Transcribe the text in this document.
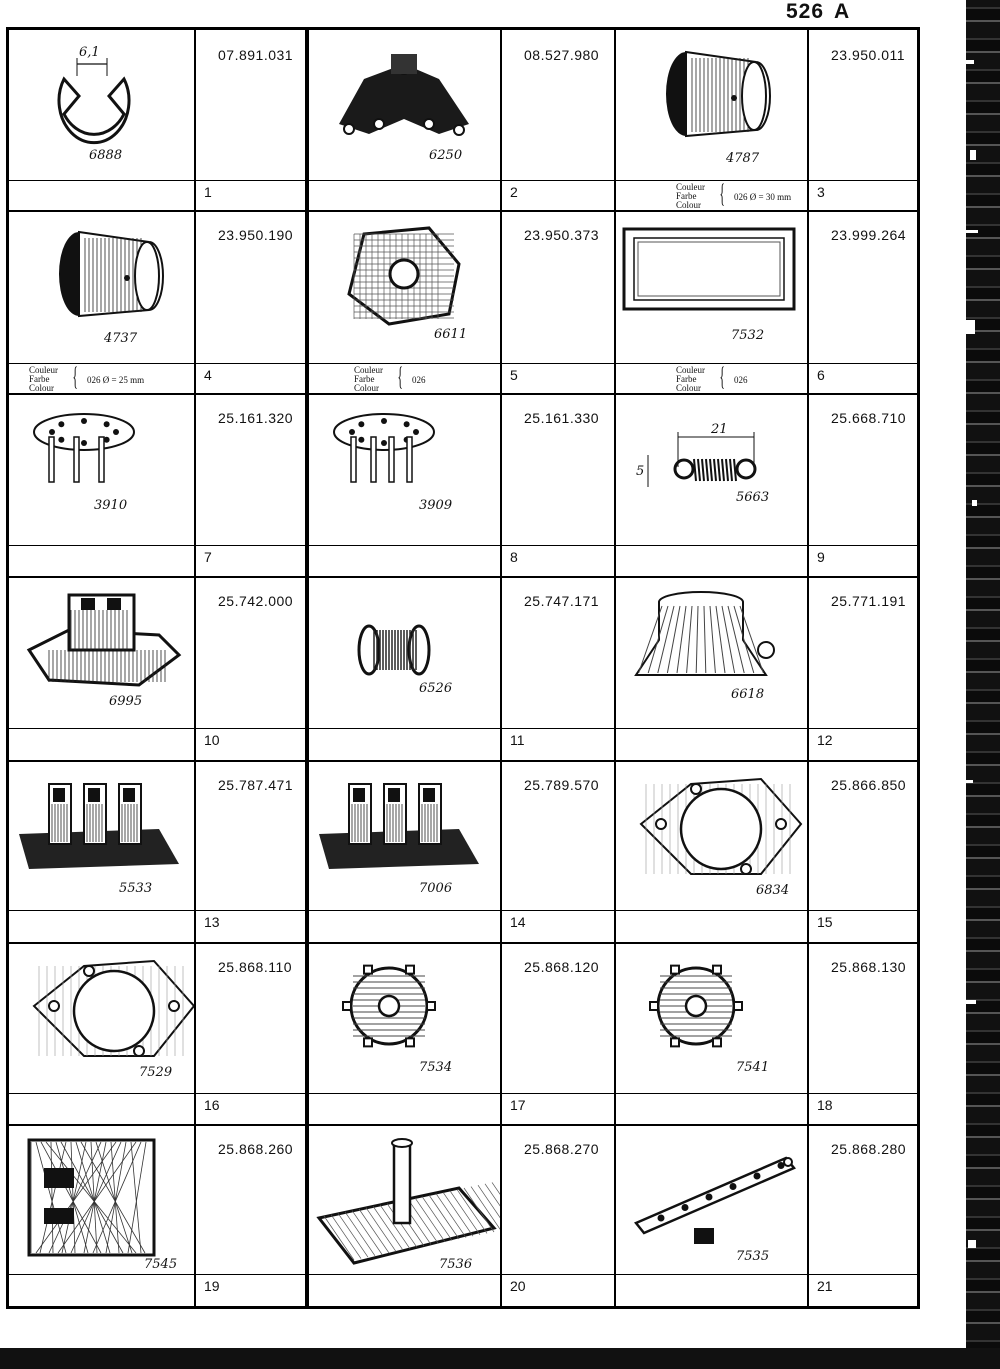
526 A
6888
6,1	07.891.031
1
6250
08.527.980
2
4787
23.950.011
3
Couleur
Farbe
Colour { 026 Ø = 30 mm
4737
23.950.190
4
Couleur
Farbe
Colour { 026 Ø = 25 mm
6611
23.950.373
5
Couleur
Farbe
Colour { 026
7532
23.999.264
6
Couleur
Farbe
Colour { 026
3910
25.161.320
7
3909
25.161.330
8
5663
21
5
25.668.710
9
6995
25.742.000
10
6526
25.747.171
11
6618
25.771.191
12
5533
25.787.471
13
7006
25.789.570
14
6834
25.866.850
15
7529
25.868.110
16
7534
25.868.120
17
7541
25.868.130
18
7545
25.868.260
19
7536
25.868.270
20
7535
25.868.280
21
